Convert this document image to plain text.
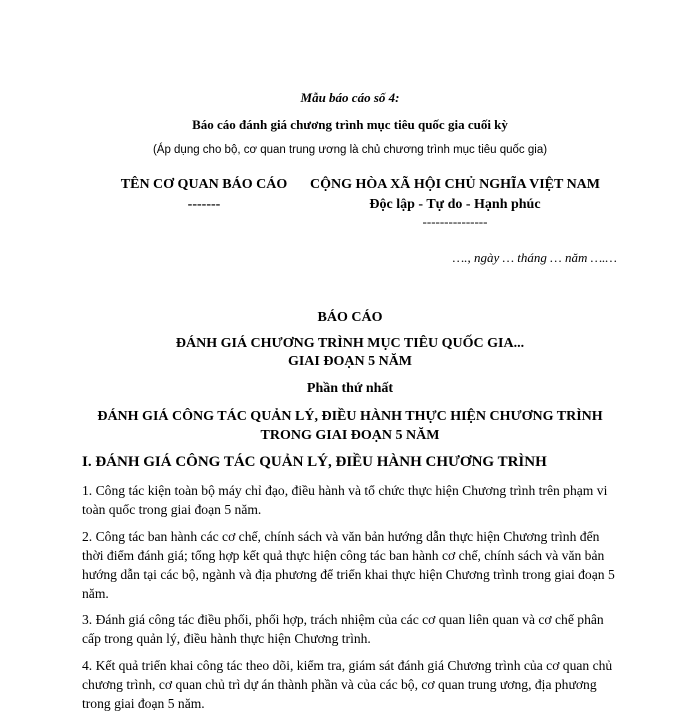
Mẫu báo cáo số 4:
Báo cáo đánh giá chương trình mục tiêu quốc gia cuối kỳ
(Áp dụng cho bộ, cơ quan trung ương là chủ chương trình mục tiêu quốc gia)
TÊN CƠ QUAN BÁO CÁO
-------
CỘNG HÒA XÃ HỘI CHỦ NGHĨA VIỆT NAM
Độc lập - Tự do - Hạnh phúc
---------------
…., ngày … tháng … năm ….…
BÁO CÁO
ĐÁNH GIÁ CHƯƠNG TRÌNH MỤC TIÊU QUỐC GIA...
GIAI ĐOẠN 5 NĂM
Phần thứ nhất
ĐÁNH GIÁ CÔNG TÁC QUẢN LÝ, ĐIỀU HÀNH THỰC HIỆN CHƯƠNG TRÌNH
TRONG GIAI ĐOẠN 5 NĂM
I. ĐÁNH GIÁ CÔNG TÁC QUẢN LÝ, ĐIỀU HÀNH CHƯƠNG TRÌNH
1. Công tác kiện toàn bộ máy chỉ đạo, điều hành và tổ chức thực hiện Chương trình trên phạm vi toàn quốc trong giai đoạn 5 năm.
2. Công tác ban hành các cơ chế, chính sách và văn bản hướng dẫn thực hiện Chương trình đến thời điểm đánh giá; tổng hợp kết quả thực hiện công tác ban hành cơ chế, chính sách và văn bản hướng dẫn tại các bộ, ngành và địa phương để triển khai thực hiện Chương trình trong giai đoạn 5 năm.
3. Đánh giá công tác điều phối, phối hợp, trách nhiệm của các cơ quan liên quan và cơ chế phân cấp trong quản lý, điều hành thực hiện Chương trình.
4. Kết quả triển khai công tác theo dõi, kiểm tra, giám sát đánh giá Chương trình của cơ quan chủ chương trình, cơ quan chủ trì dự án thành phần và của các bộ, cơ quan trung ương, địa phương trong giai đoạn 5 năm.
